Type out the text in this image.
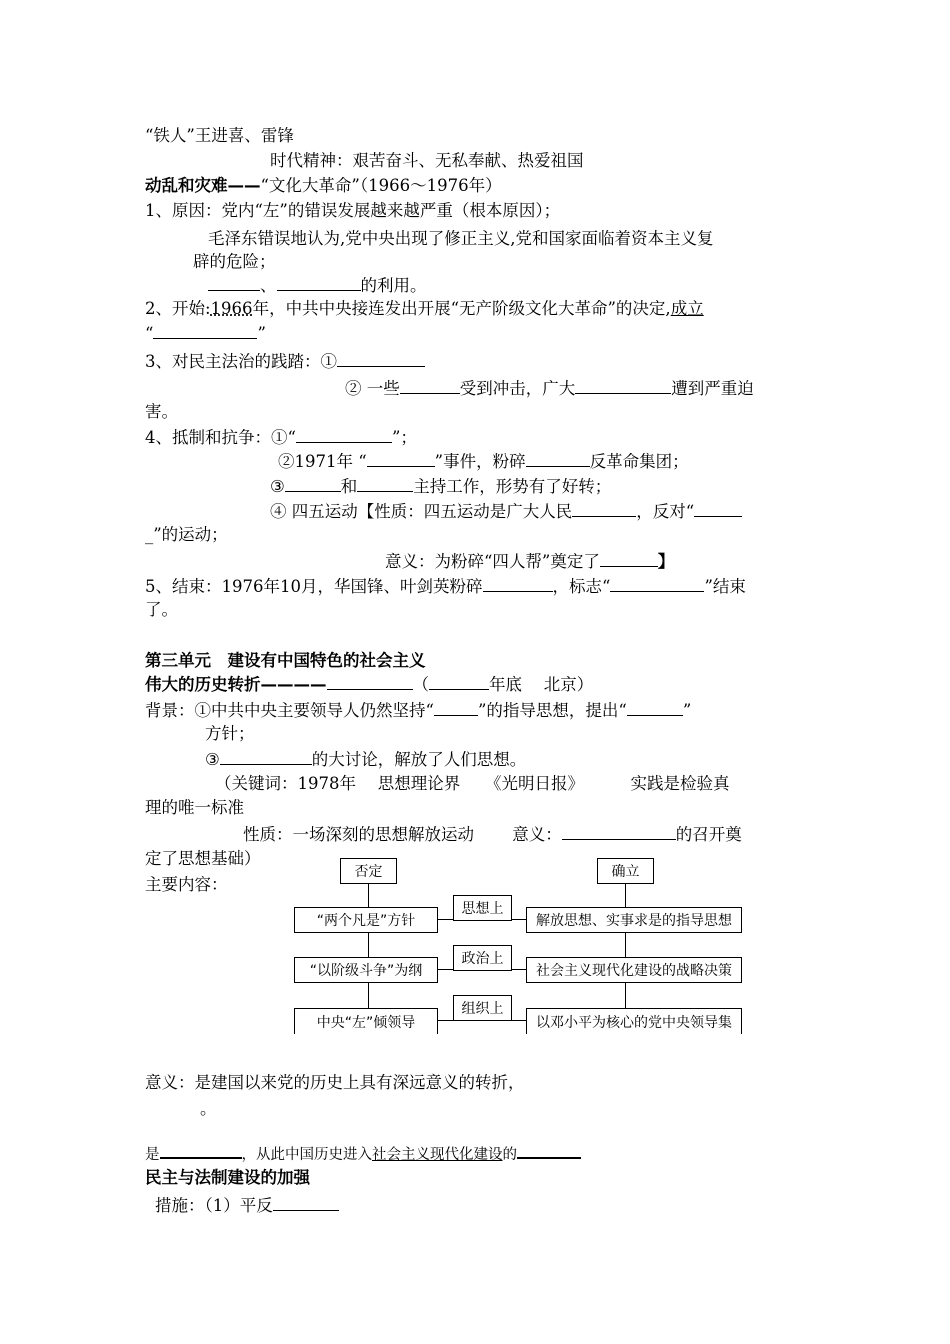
“铁人”王进喜、雷锋
时代精神：艰苦奋斗、无私奉献、热爱祖国
动乱和灾难——“文化大革命”（1966～1976年）
1、原因：党内“左”的错误发展越来越严重（根本原因）；
毛泽东错误地认为,党中央出现了修正主义,党和国家面临着资本主义复
辟的危险；
、	的利用。
2、开始:1966年，中共中央接连发出开展“无产阶级文化大革命”的决定,成立
“	”
3、对民主法治的践踏：①
② 一些	受到冲击，广大	遭到严重迫
害。
4、抵制和抗争：①“	”；
②1971年 “	”事件，粉碎	反革命集团；
③	和	主持工作，形势有了好转；
④ 四五运动【性质：四五运动是广大人民	，反对“
_”的运动；
意义：为粉碎“四人帮”奠定了	】
5、结束：1976年10月，华国锋、叶剑英粉碎	，标志“	”结束
了。
第三单元　建设有中国特色的社会主义
伟大的历史转折————	（	年底　 北京）
背景：①中共中央主要领导人仍然坚持“	”的指导思想，提出“	”
方针；
③	的大讨论，解放了人们思想。
（关键词：1978年　 思想理论界　　《光明日报》　　　 实践是检验真
理的唯一标准
性质：一场深刻的思想解放运动　　 意义：	的召开奠
定了思想基础）
主要内容：
否定	确立
“两个凡是”方针
思想上
解放思想、实事求是的指导思想
“以阶级斗争”为纲
政治上
社会主义现代化建设的战略决策
中央“左”倾领导
组织上
以邓小平为核心的党中央领导集
意义：是建国以来党的历史上具有深远意义的转折，
。
是	，从此中国历史进入社会主义现代化建设的
民主与法制建设的加强
措施：（1）平反
